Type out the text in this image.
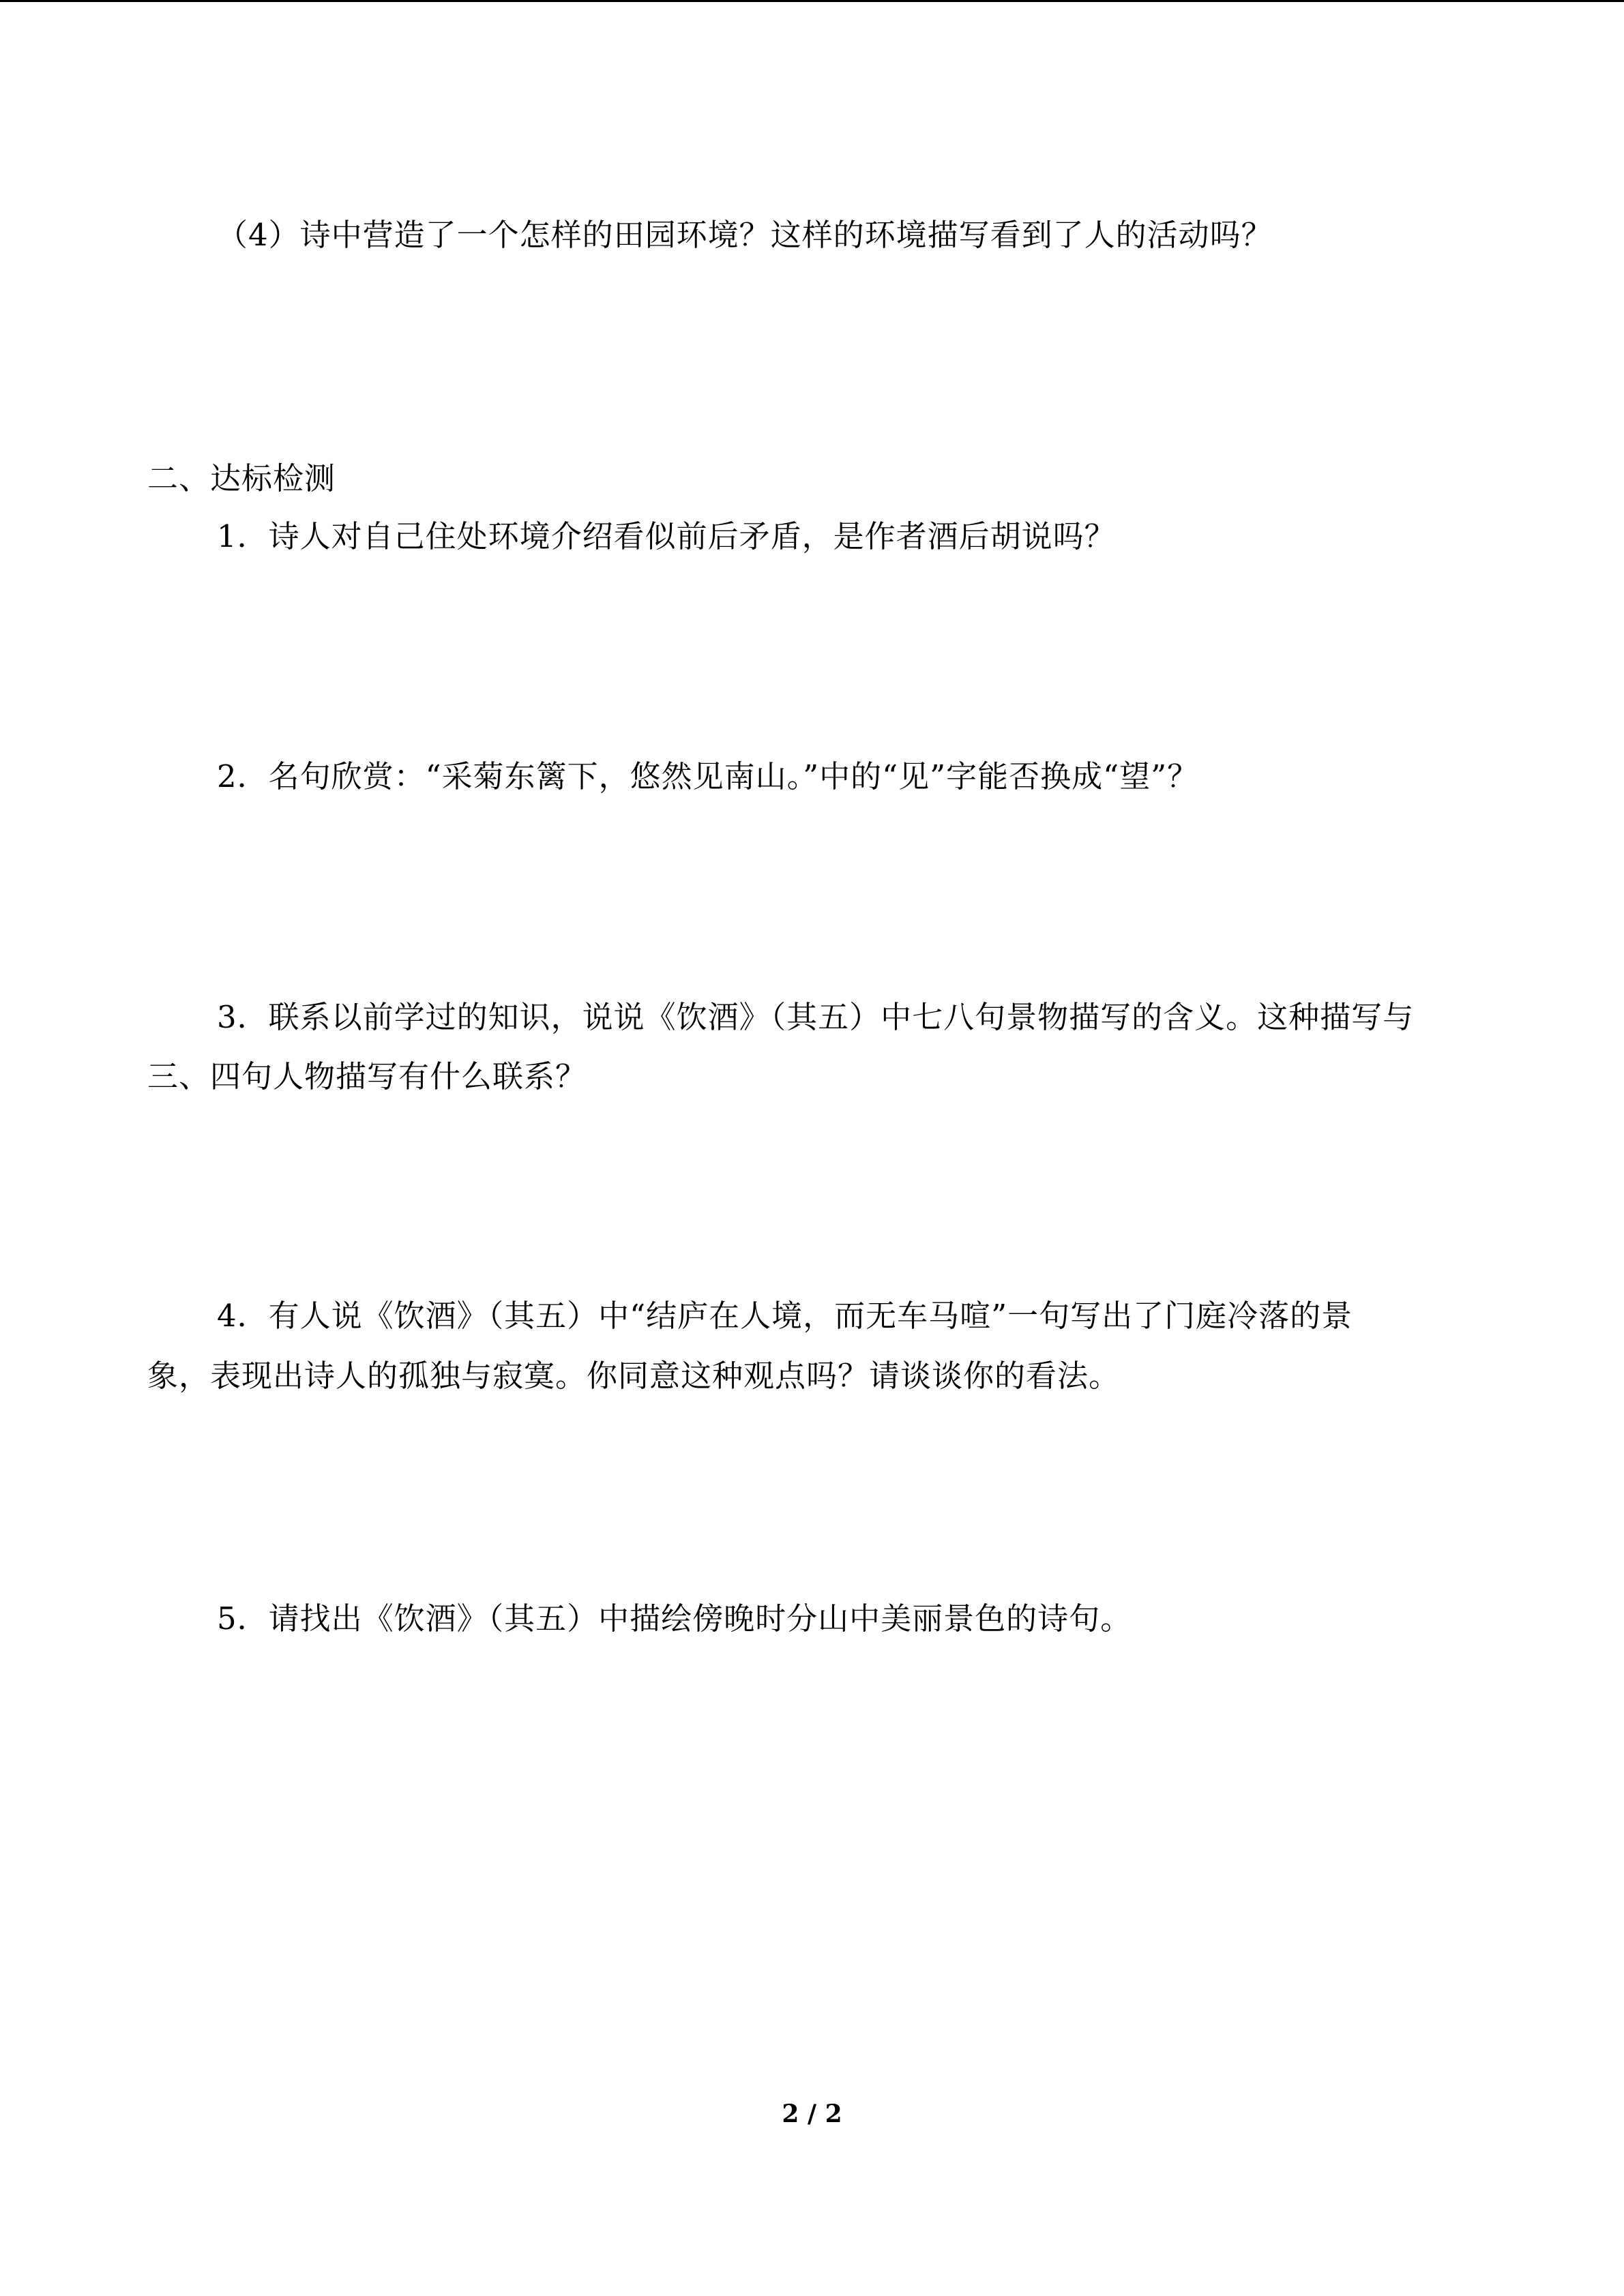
（4）诗中营造了一个怎样的田园环境？这样的环境描写看到了人的活动吗？
二、达标检测
1．诗人对自己住处环境介绍看似前后矛盾，是作者酒后胡说吗？
2．名句欣赏：“采菊东篱下，悠然见南山。”中的“见”字能否换成“望”？
3．联系以前学过的知识，说说《饮酒》（其五）中七八句景物描写的含义。这种描写与
三、四句人物描写有什么联系？
4．有人说《饮酒》（其五）中“结庐在人境，而无车马喧”一句写出了门庭冷落的景
象，表现出诗人的孤独与寂寞。你同意这种观点吗？请谈谈你的看法。
5．请找出《饮酒》（其五）中描绘傍晚时分山中美丽景色的诗句。
2 / 2
